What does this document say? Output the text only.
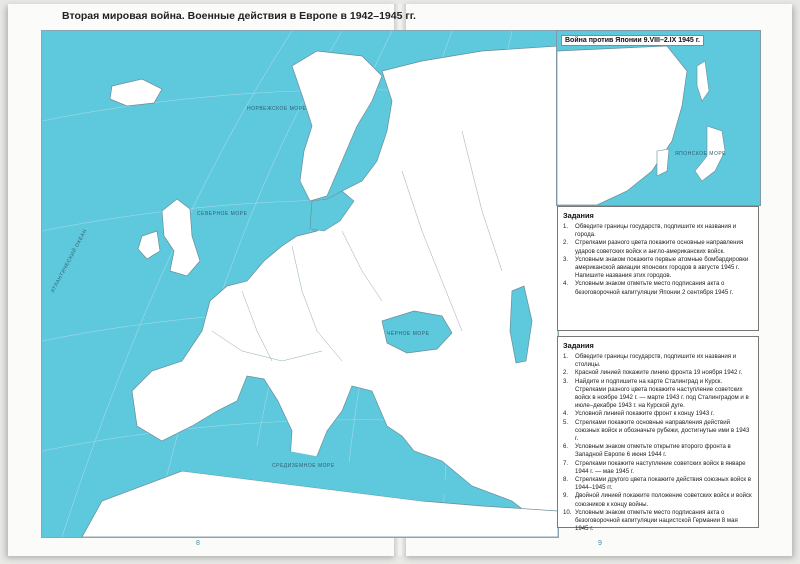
Вторая мировая война. Военные действия в Европе в 1942–1945 гг.
НОРВЕЖСКОЕ МОРЕ
СЕВЕРНОЕ МОРЕ
АТЛАНТИЧЕСКИЙ ОКЕАН
ЧЁРНОЕ МОРЕ
СРЕДИЗЕМНОЕ МОРЕ
Война против Японии 9.VIII–2.IX 1945 г.
ЯПОНСКОЕ МОРЕ
Задания
1.	Обведите границы государств, подпишите их названия и города.
2.	Стрелками разного цвета покажите основные направления ударов советских войск и англо-американских войск.
3.	Условным знаком покажите первые атомные бомбардировки американской авиации японских городов в августе 1945 г. Напишите названия этих городов.
4.	Условным знаком отметьте место подписания акта о безоговорочной капитуляции Японии 2 сентября 1945 г.
Задания
1.	Обведите границы государств, подпишите их названия и столицы.
2.	Красной линией покажите линию фронта 19 ноября 1942 г.
3.	Найдите и подпишите на карте Сталинград и Курск. Стрелками разного цвета покажите наступление советских войск в ноябре 1942 г. — марте 1943 г. под Сталинградом и в июле–декабре 1943 г. на Курской дуге.
4.	Условной линией покажите фронт к концу 1943 г.
5.	Стрелками покажите основные направления действий союзных войск и обозначьте рубежи, достигнутые ими в 1943 г.
6.	Условным знаком отметьте открытие второго фронта в Западной Европе 6 июня 1944 г.
7.	Стрелками покажите наступление советских войск в январе 1944 г. — мае 1945 г.
8.	Стрелками другого цвета покажите действия союзных войск в 1944–1945 гг.
9.	Двойной линией покажите положение советских войск и войск союзников к концу войны.
10. Условным знаком отметьте место подписания акта о безоговорочной капитуляции нацистской Германии 8 мая 1945 г.
8	9
